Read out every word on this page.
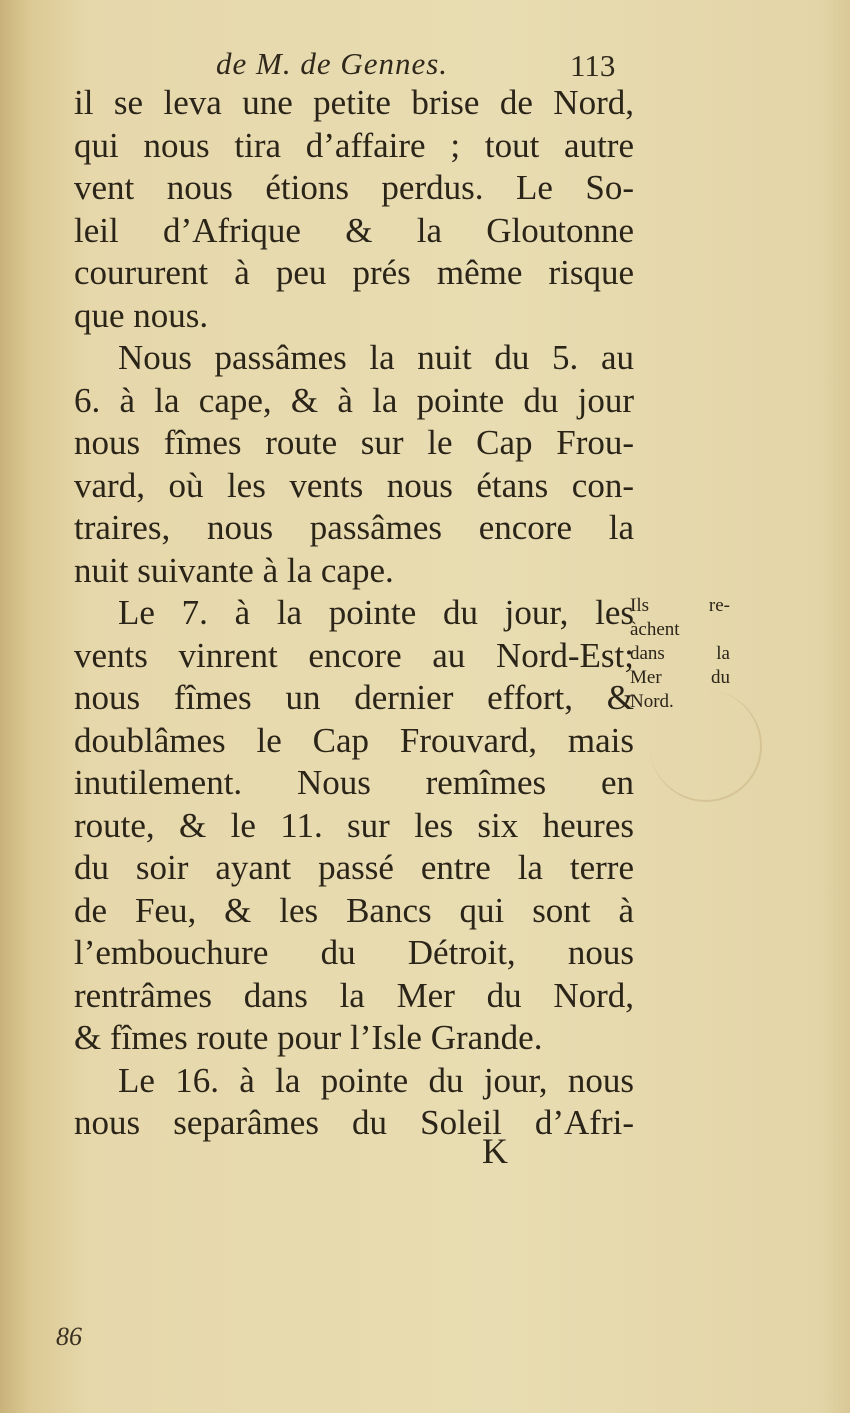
de M. de Gennes.	113
il se leva une petite brise de Nord,
qui nous tira d’affaire ; tout autre
vent nous étions perdus. Le So-
leil d’Afrique & la Gloutonne
coururent à peu prés même risque
que nous.
Nous passâmes la nuit du 5. au
6. à la cape, & à la pointe du jour
nous fîmes route sur le Cap Frou-
vard, où les vents nous étans con-
traires, nous passâmes encore la
nuit suivante à la cape.
Le 7. à la pointe du jour, les
vents vinrent encore au Nord-Est;
nous fîmes un dernier effort, &
doublâmes le Cap Frouvard, mais
inutilement. Nous remîmes en
route, & le 11. sur les six heures
du soir ayant passé entre la terre
de Feu, & les Bancs qui sont à
l’embouchure du Détroit, nous
rentrâmes dans la Mer du Nord,
& fîmes route pour l’Isle Grande.
Le 16. à la pointe du jour, nous
nous separâmes du Soleil d’Afri-
K
Ils re-
àchent
dans la
Mer du
Nord.
86
